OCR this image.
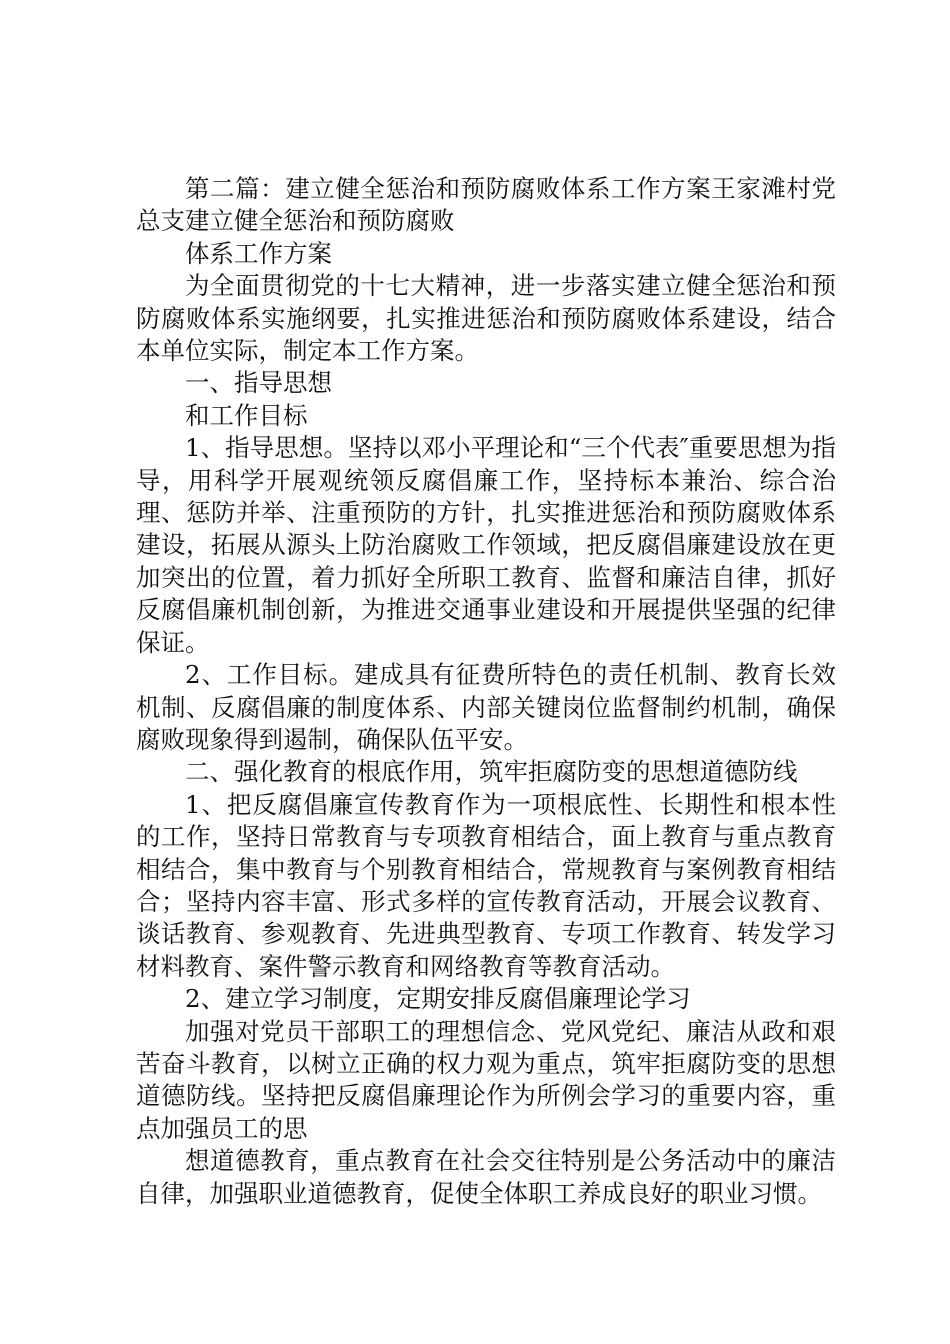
第二篇：建立健全惩治和预防腐败体系工作方案王家滩村党总支建立健全惩治和预防腐败

体系工作方案

为全面贯彻党的十七大精神，进一步落实建立健全惩治和预防腐败体系实施纲要，扎实推进惩治和预防腐败体系建设，结合本单位实际，制定本工作方案。

一、指导思想

和工作目标

1、指导思想。坚持以邓小平理论和“三个代表″重要思想为指导，用科学开展观统领反腐倡廉工作，坚持标本兼治、综合治理、惩防并举、注重预防的方针，扎实推进惩治和预防腐败体系建设，拓展从源头上防治腐败工作领域，把反腐倡廉建设放在更加突出的位置，着力抓好全所职工教育、监督和廉洁自律，抓好反腐倡廉机制创新，为推进交通事业建设和开展提供坚强的纪律保证。

2、工作目标。建成具有征费所特色的责任机制、教育长效机制、反腐倡廉的制度体系、内部关键岗位监督制约机制，确保腐败现象得到遏制，确保队伍平安。

二、强化教育的根底作用，筑牢拒腐防变的思想道德防线

1、把反腐倡廉宣传教育作为一项根底性、长期性和根本性的工作，坚持日常教育与专项教育相结合，面上教育与重点教育相结合，集中教育与个别教育相结合，常规教育与案例教育相结合；坚持内容丰富、形式多样的宣传教育活动，开展会议教育、谈话教育、参观教育、先进典型教育、专项工作教育、转发学习材料教育、案件警示教育和网络教育等教育活动。

2、建立学习制度，定期安排反腐倡廉理论学习

加强对党员干部职工的理想信念、党风党纪、廉洁从政和艰苦奋斗教育，以树立正确的权力观为重点，筑牢拒腐防变的思想道德防线。坚持把反腐倡廉理论作为所例会学习的重要内容，重点加强员工的思

想道德教育，重点教育在社会交往特别是公务活动中的廉洁自律，加强职业道德教育，促使全体职工养成良好的职业习惯。
